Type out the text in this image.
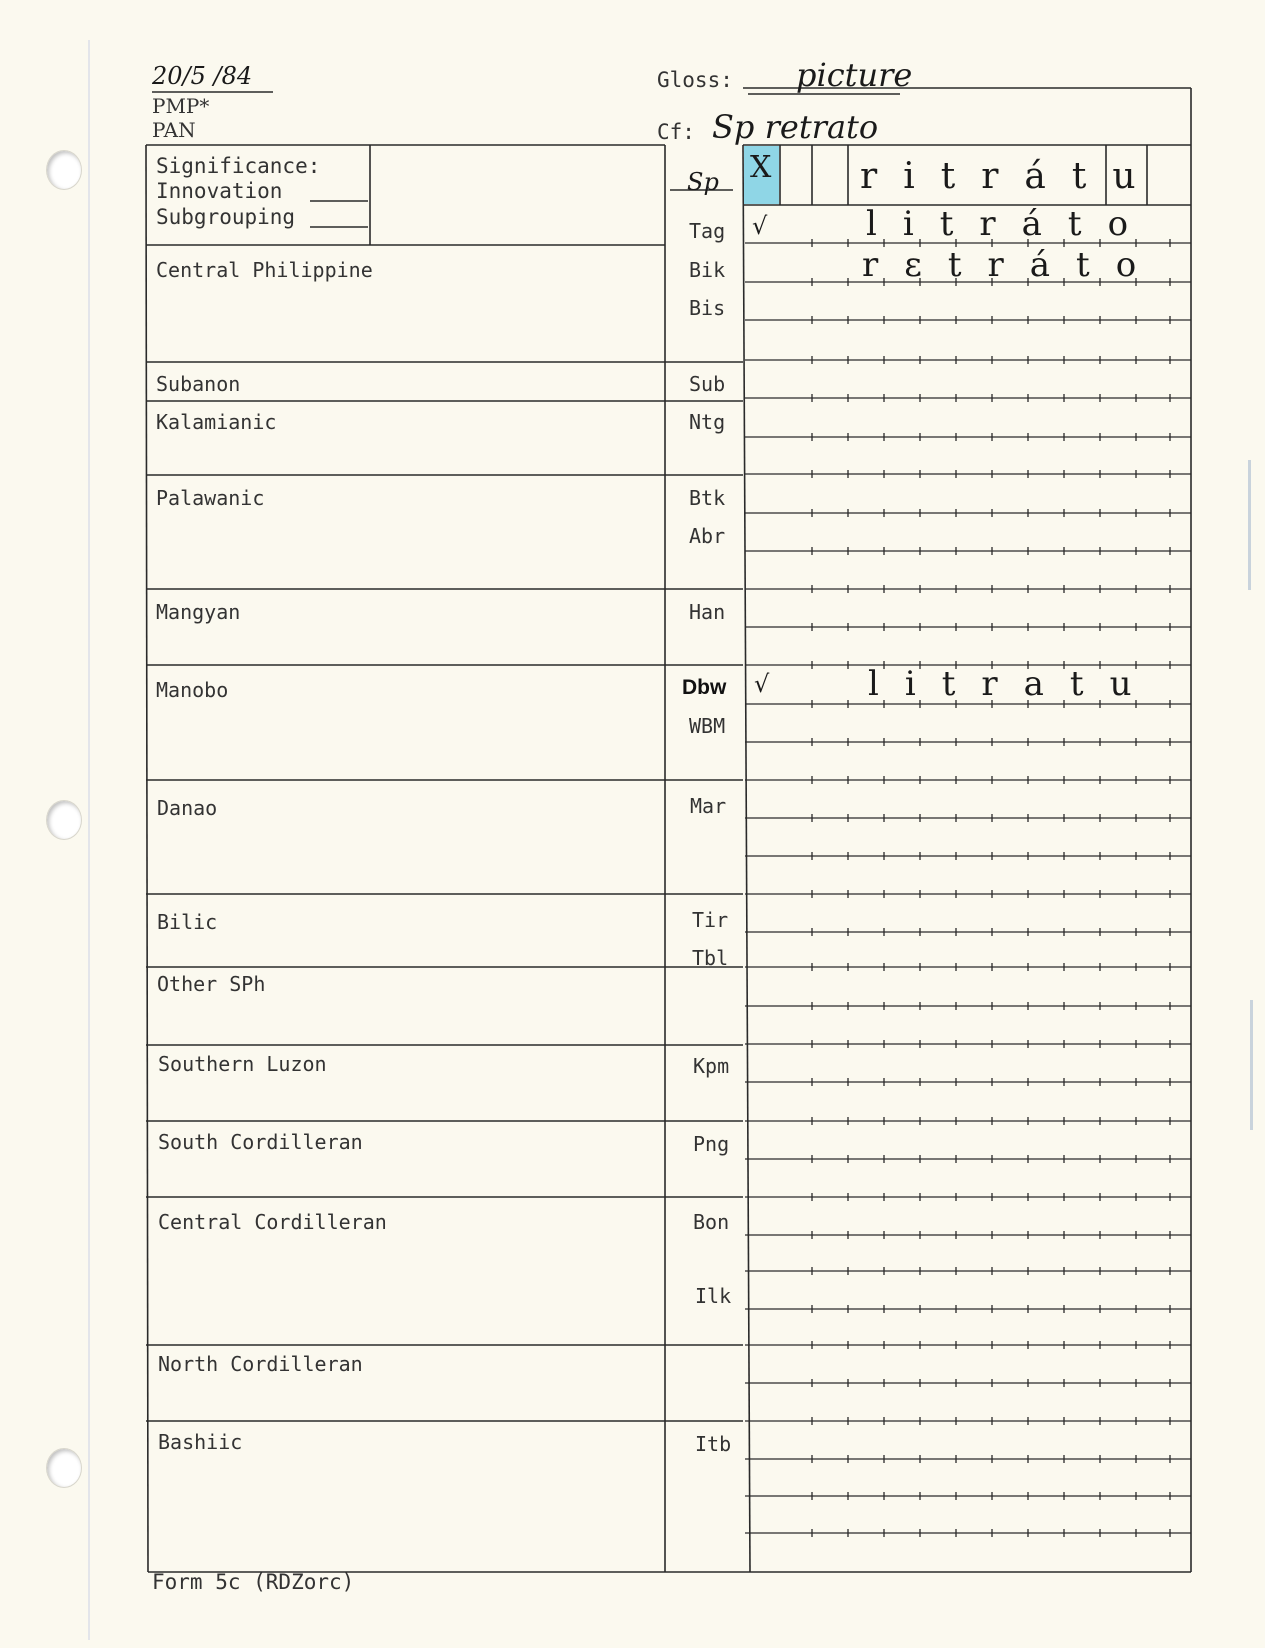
20/5 /84
PMP*
PAN
Gloss: picture
Cf: Sp retrato
Significance:
Innovation
Subgrouping
Central Philippine
Subanon
Kalamianic
Palawanic
Mangyan
Manobo
Danao
Bilic
Other SPh
Southern Luzon
South Cordilleran
Central Cordilleran
North Cordilleran
Bashiic
Sp
Tag
Bik
Bis
Sub
Ntg
Btk
Abr
Han
Dbw
WBM
Mar
Tir
Tbl
Kpm
Png
Bon
Ilk
Itb
X ritrátu
√	litráto
rɛtráto
√	litratu
Form 5c (RDZorc)
